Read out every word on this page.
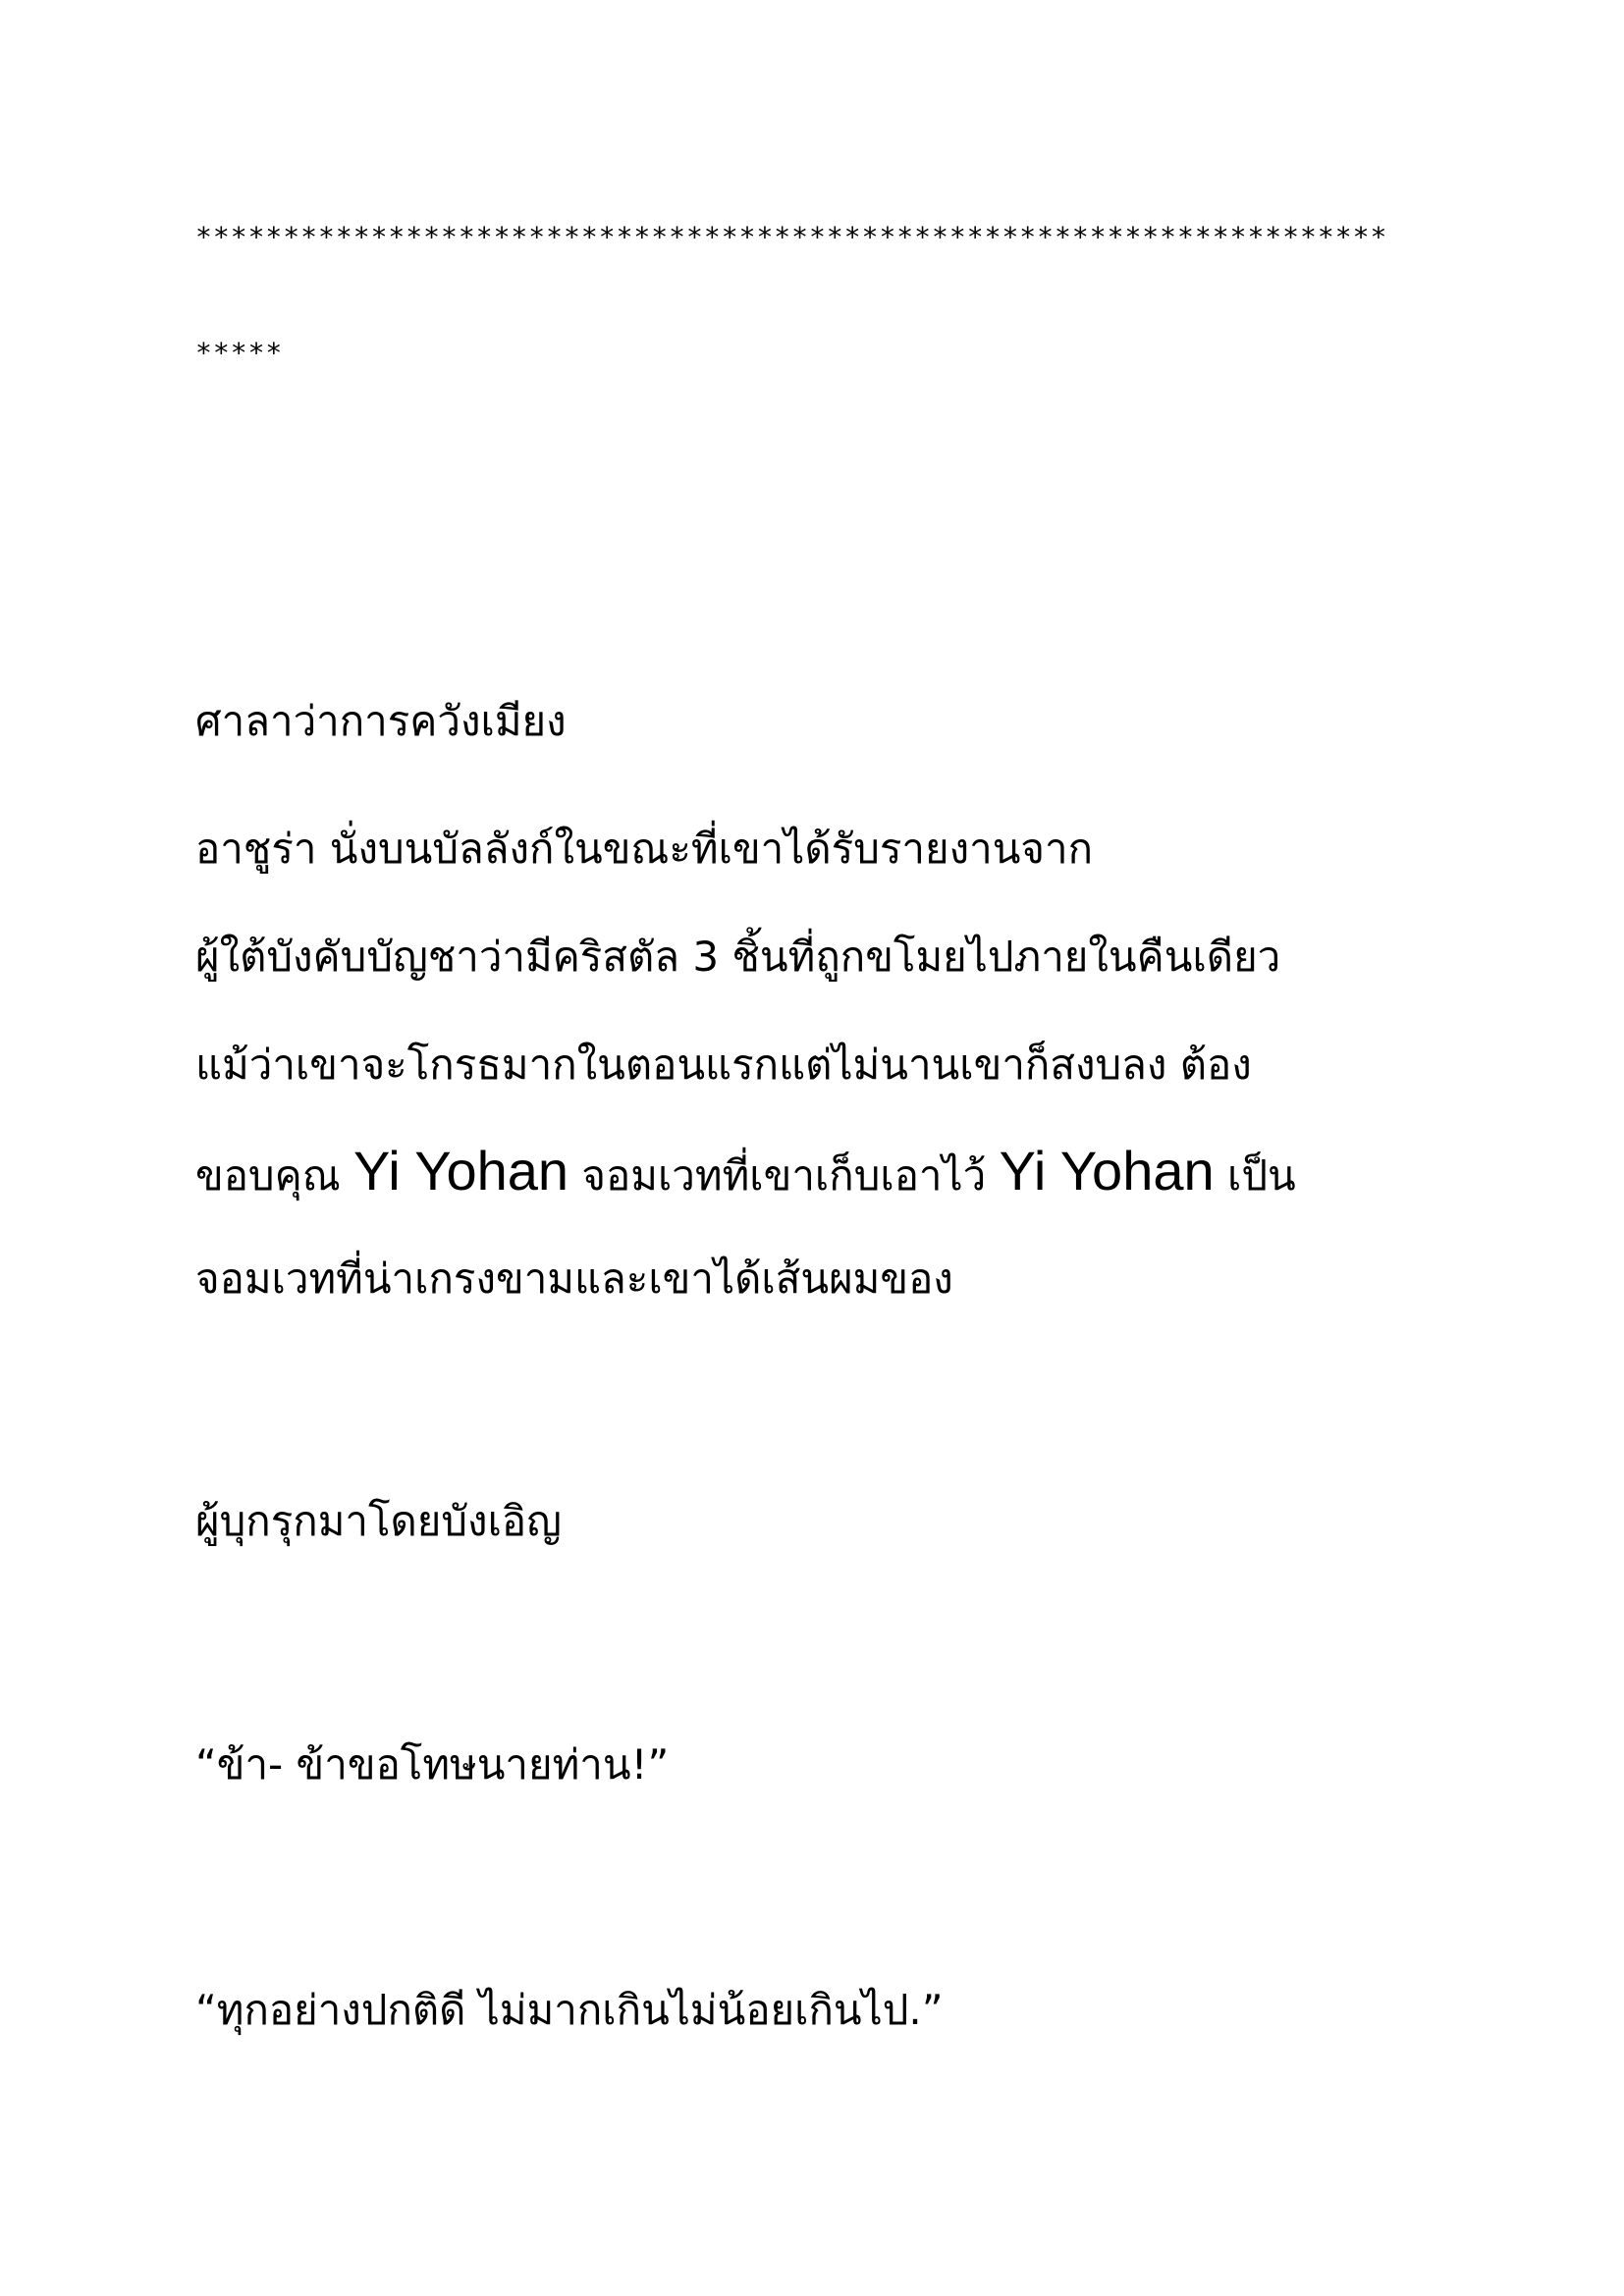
********************************************************************
*****
ศาลาว่าการควังเมียง
อาชูร่า นั่งบนบัลลังก์ในขณะที่เขาได้รับรายงานจาก
ผู้ใต้บังคับบัญชาว่ามีคริสตัล 3 ชิ้นที่ถูกขโมยไปภายในคืนเดียว
แม้ว่าเขาจะโกรธมากในตอนแรกแต่ไม่นานเขาก็สงบลง ต้อง
ขอบคุณ Yi Yohan จอมเวทที่เขาเก็บเอาไว้ Yi Yohan เป็น
จอมเวทที่น่าเกรงขามและเขาได้เส้นผมของ
ผู้บุกรุกมาโดยบังเอิญ
“ข้า- ข้าขอโทษนายท่าน!”
“ทุกอย่างปกติดี ไม่มากเกินไม่น้อยเกินไป.”
